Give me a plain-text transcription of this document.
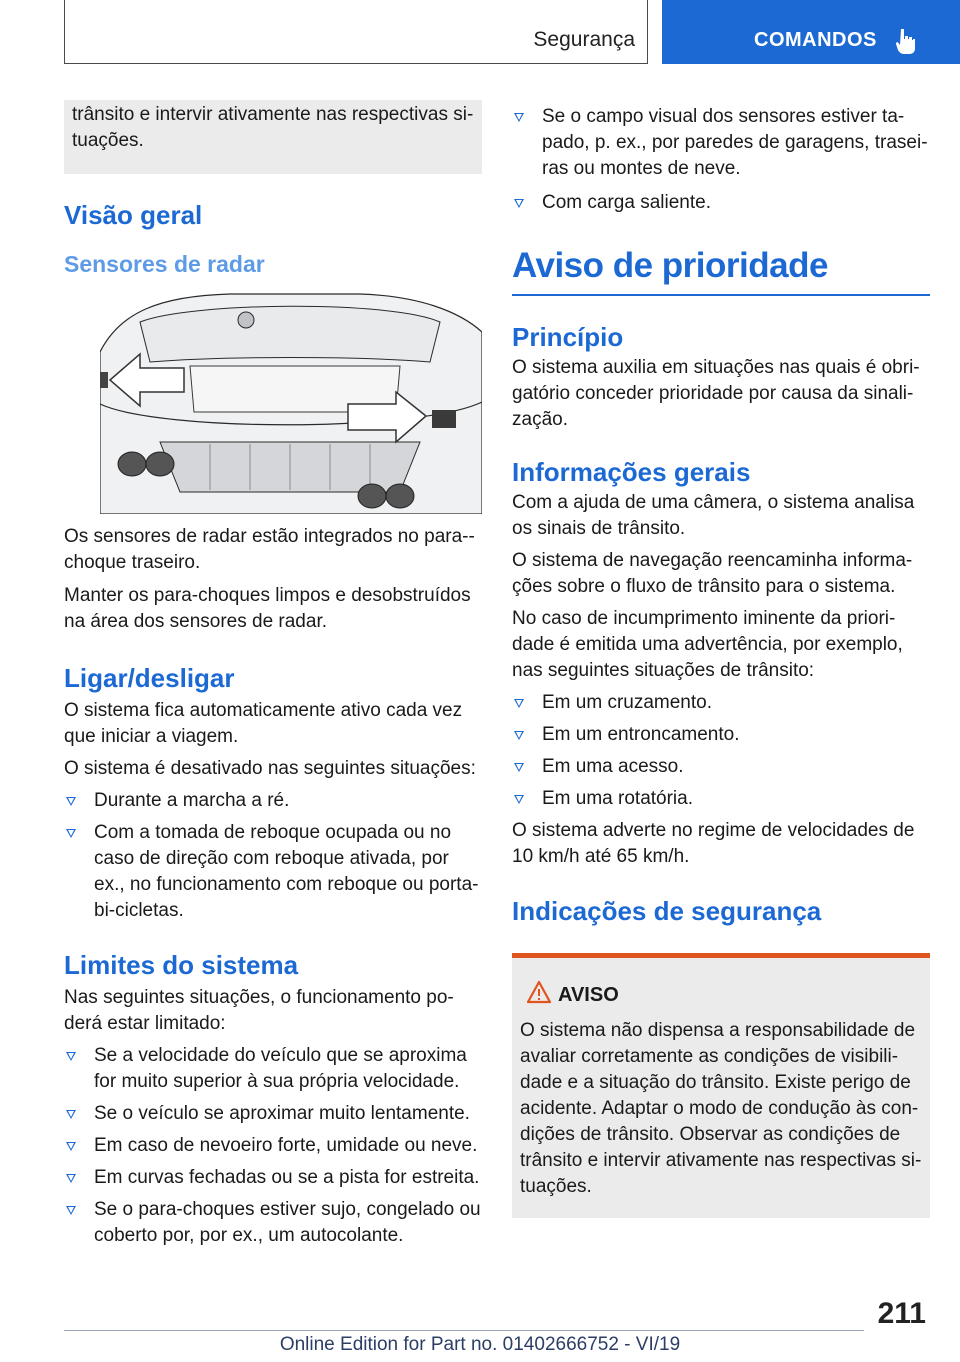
Segurança	COMANDOS

trânsito e intervir ativamente nas respectivas si-tuações.

Visão geral
Sensores de radar

Os sensores de radar estão integrados no para--choque traseiro.

Manter os para-choques limpos e desobstruídos na área dos sensores de radar.

Ligar/desligar

O sistema fica automaticamente ativo cada vez que iniciar a viagem.

O sistema é desativado nas seguintes situações:

Durante a marcha a ré.
Com a tomada de reboque ocupada ou no caso de direção com reboque ativada, por ex., no funcionamento com reboque ou porta-bi-cicletas.
Limites do sistema

Nas seguintes situações, o funcionamento po-derá estar limitado:

Se a velocidade do veículo que se aproxima for muito superior à sua própria velocidade.
Se o veículo se aproximar muito lentamente.
Em caso de nevoeiro forte, umidade ou neve.
Em curvas fechadas ou se a pista for estreita.
Se o para-choques estiver sujo, congelado ou coberto por, por ex., um autocolante.
Se o campo visual dos sensores estiver ta-pado, p. ex., por paredes de garagens, trasei-ras ou montes de neve.
Com carga saliente.
Aviso de prioridade
Princípio

O sistema auxilia em situações nas quais é obri-gatório conceder prioridade por causa da sinali-zação.

Informações gerais

Com a ajuda de uma câmera, o sistema analisa os sinais de trânsito.

O sistema de navegação reencaminha informa-ções sobre o fluxo de trânsito para o sistema.

No caso de incumprimento iminente da priori-dade é emitida uma advertência, por exemplo, nas seguintes situações de trânsito:

Em um cruzamento.
Em um entroncamento.
Em uma acesso.
Em uma rotatória.

O sistema adverte no regime de velocidades de 10 km/h até 65 km/h.

Indicações de segurança
AVISO

O sistema não dispensa a responsabilidade de avaliar corretamente as condições de visibili-dade e a situação do trânsito. Existe perigo de acidente. Adaptar o modo de condução às con-dições de trânsito. Observar as condições de trânsito e intervir ativamente nas respectivas si-tuações.

211
Online Edition for Part no. 01402666752 - VI/19
